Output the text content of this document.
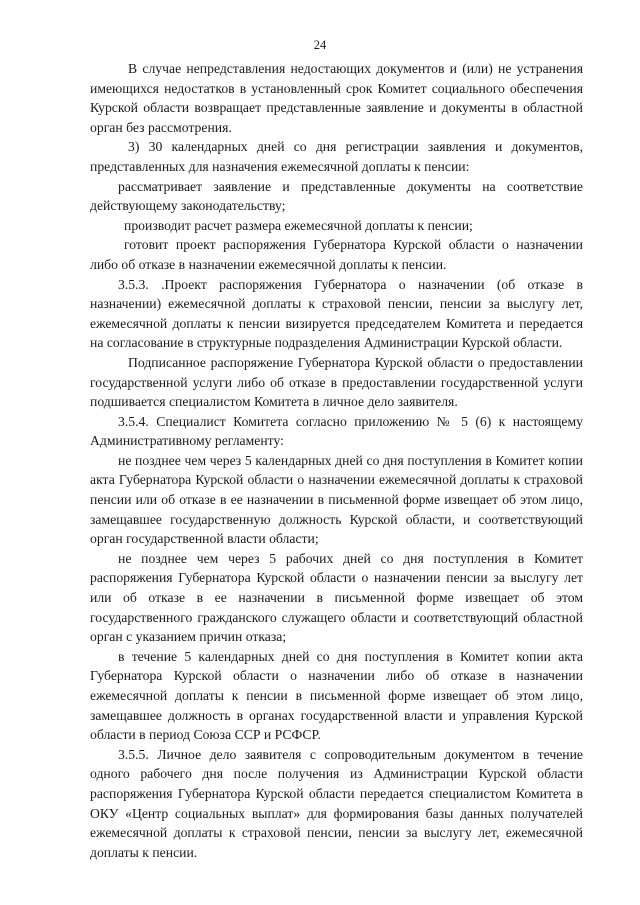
24

В случае непредставления недостающих документов и (или) не устранения имеющихся недостатков в установленный срок Комитет социального обеспечения Курской области возвращает представленные заявление и документы в областной орган без рассмотрения.

3) 30 календарных дней со дня регистрации заявления и документов, представленных для назначения ежемесячной доплаты к пенсии:

рассматривает заявление и представленные документы на соответствие действующему законодательству;

производит расчет размера ежемесячной доплаты к пенсии;

готовит проект распоряжения Губернатора Курской области о назначении либо об отказе в назначении ежемесячной доплаты к пенсии.

3.5.3. .Проект распоряжения Губернатора о назначении (об отказе в назначении) ежемесячной доплаты к страховой пенсии, пенсии за выслугу лет, ежемесячной доплаты к пенсии визируется председателем Комитета и передается на согласование в структурные подразделения Администрации Курской области.

Подписанное распоряжение Губернатора Курской области о предоставлении государственной услуги либо об отказе в предоставлении государственной услуги подшивается специалистом Комитета в личное дело заявителя.

3.5.4. Специалист Комитета согласно приложению № 5 (6) к настоящему Административному регламенту:

не позднее чем через 5 календарных дней со дня поступления в Комитет копии акта Губернатора Курской области о назначении ежемесячной доплаты к страховой пенсии или об отказе в ее назначении в письменной форме извещает об этом лицо, замещавшее государственную должность Курской области, и соответствующий орган государственной власти области;

не позднее чем через 5 рабочих дней со дня поступления в Комитет распоряжения Губернатора Курской области о назначении пенсии за выслугу лет или об отказе в ее назначении в письменной форме извещает об этом государственного гражданского служащего области и соответствующий областной орган с указанием причин отказа;

в течение 5 календарных дней со дня поступления в Комитет копии акта Губернатора Курской области о назначении либо об отказе в назначении ежемесячной доплаты к пенсии в письменной форме извещает об этом лицо, замещавшее должность в органах государственной власти и управления Курской области в период Союза ССР и РСФСР.

3.5.5. Личное дело заявителя с сопроводительным документом в течение одного рабочего дня после получения из Администрации Курской области распоряжения Губернатора Курской области передается специалистом Комитета в ОКУ «Центр социальных выплат» для формирования базы данных получателей ежемесячной доплаты к страховой пенсии, пенсии за выслугу лет, ежемесячной доплаты к пенсии.
